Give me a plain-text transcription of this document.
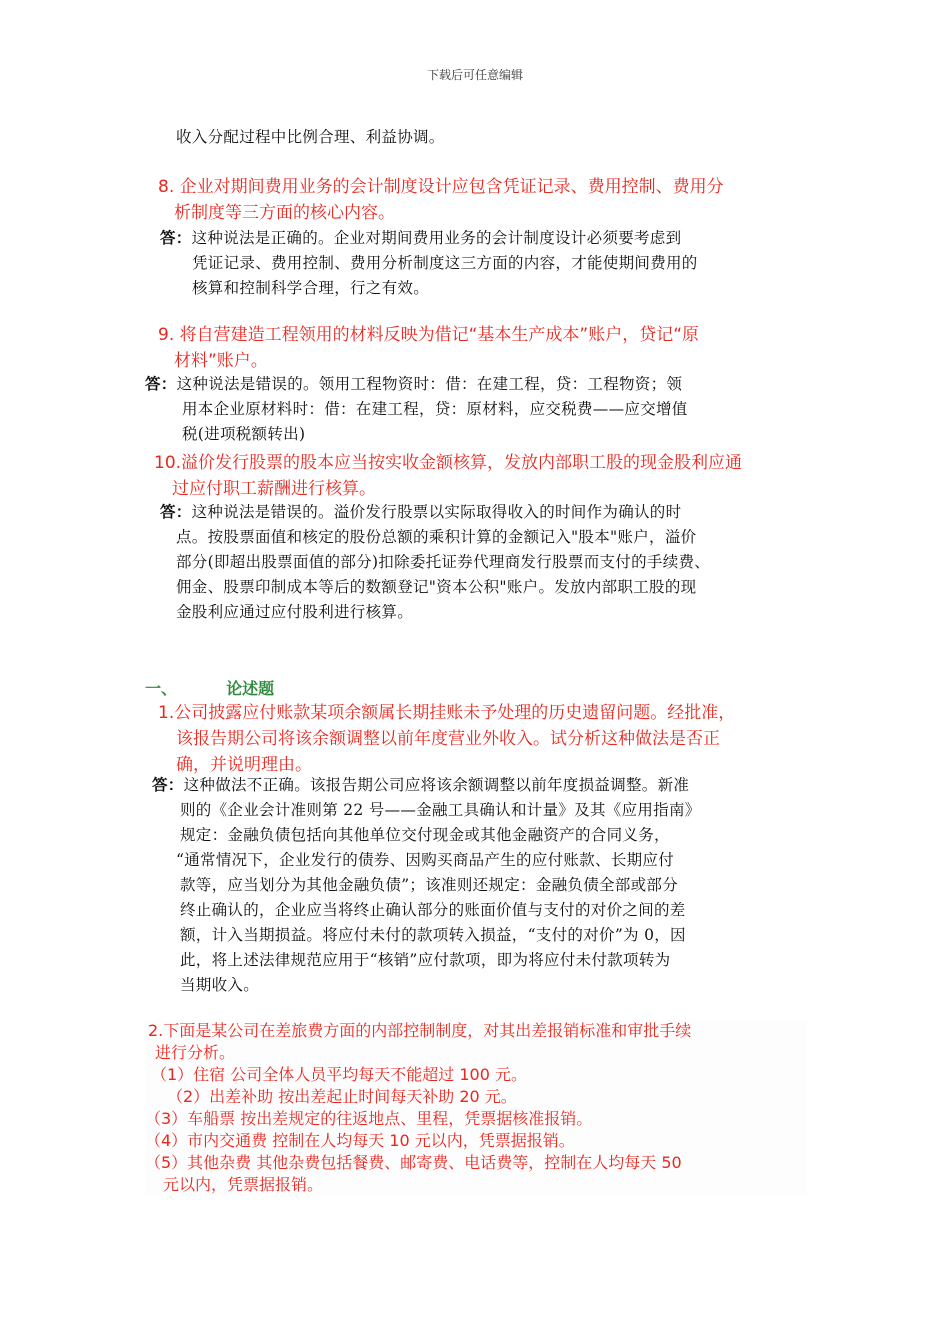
下载后可任意编辑
收入分配过程中比例合理、利益协调。
8. 企业对期间费用业务的会计制度设计应包含凭证记录、费用控制、费用分
析制度等三方面的核心内容。
答：这种说法是正确的。企业对期间费用业务的会计制度设计必须要考虑到
凭证记录、费用控制、费用分析制度这三方面的内容，才能使期间费用的
核算和控制科学合理，行之有效。
9. 将自营建造工程领用的材料反映为借记“基本生产成本”账户，贷记“原
材料”账户。
答：这种说法是错误的。领用工程物资时：借：在建工程，贷：工程物资；领
用本企业原材料时：借：在建工程，贷：原材料，应交税费——应交增值
税(进项税额转出)
10.溢价发行股票的股本应当按实收金额核算，发放内部职工股的现金股利应通
过应付职工薪酬进行核算。
答：这种说法是错误的。溢价发行股票以实际取得收入的时间作为确认的时
点。按股票面值和核定的股份总额的乘积计算的金额记入"股本"账户，溢价
部分(即超出股票面值的部分)扣除委托证券代理商发行股票而支付的手续费、
佣金、股票印制成本等后的数额登记"资本公积"账户。发放内部职工股的现
金股利应通过应付股利进行核算。
一、	论述题
1.公司披露应付账款某项余额属长期挂账未予处理的历史遗留问题。经批准，
该报告期公司将该余额调整以前年度营业外收入。试分析这种做法是否正
确，并说明理由。
答：这种做法不正确。该报告期公司应将该余额调整以前年度损益调整。新准
则的《企业会计准则第 22 号——金融工具确认和计量》及其《应用指南》
规定：金融负债包括向其他单位交付现金或其他金融资产的合同义务，
“通常情况下，企业发行的债券、因购买商品产生的应付账款、长期应付
款等，应当划分为其他金融负债”；该准则还规定：金融负债全部或部分
终止确认的，企业应当将终止确认部分的账面价值与支付的对价之间的差
额，计入当期损益。将应付未付的款项转入损益，“支付的对价”为 0，因
此，将上述法律规范应用于“核销”应付款项，即为将应付未付款项转为
当期收入。
2.下面是某公司在差旅费方面的内部控制制度，对其出差报销标准和审批手续
进行分析。
（1）住宿 公司全体人员平均每天不能超过 100 元。
（2）出差补助 按出差起止时间每天补助 20 元。
（3）车船票 按出差规定的往返地点、里程，凭票据核准报销。
（4）市内交通费 控制在人均每天 10 元以内，凭票据报销。
（5）其他杂费 其他杂费包括餐费、邮寄费、电话费等，控制在人均每天 50
元以内，凭票据报销。
